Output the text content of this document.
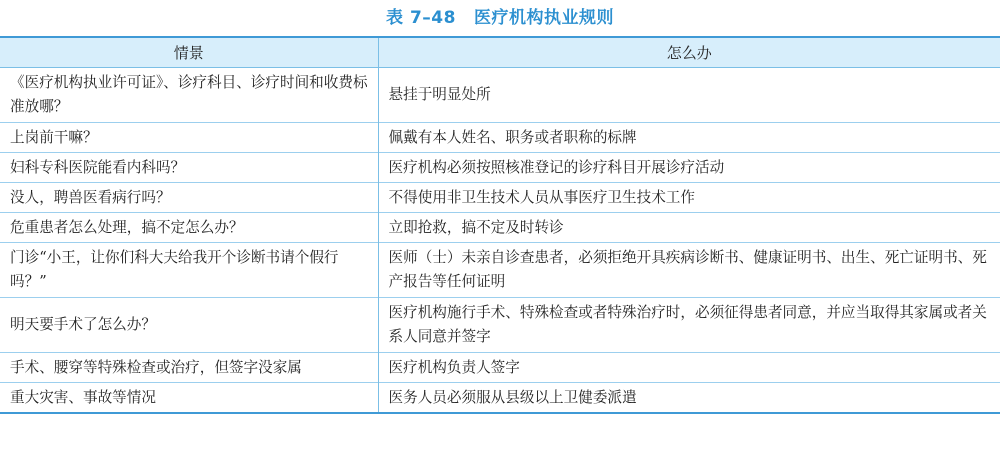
表 7–48 医疗机构执业规则
情景	怎么办
《医疗机构执业许可证》、诊疗科目、诊疗时间和收费标准放哪？	悬挂于明显处所
上岗前干嘛？	佩戴有本人姓名、职务或者职称的标牌
妇科专科医院能看内科吗？	医疗机构必须按照核准登记的诊疗科目开展诊疗活动
没人，聘兽医看病行吗？	不得使用非卫生技术人员从事医疗卫生技术工作
危重患者怎么处理，搞不定怎么办？	立即抢救，搞不定及时转诊
门诊“小王，让你们科大夫给我开个诊断书请个假行吗？”	医师（士）未亲自诊查患者，必须拒绝开具疾病诊断书、健康证明书、出生、死亡证明书、死产报告等任何证明
明天要手术了怎么办？	医疗机构施行手术、特殊检查或者特殊治疗时，必须征得患者同意，并应当取得其家属或者关系人同意并签字
手术、腰穿等特殊检查或治疗，但签字没家属	医疗机构负责人签字
重大灾害、事故等情况	医务人员必须服从县级以上卫健委派遣
